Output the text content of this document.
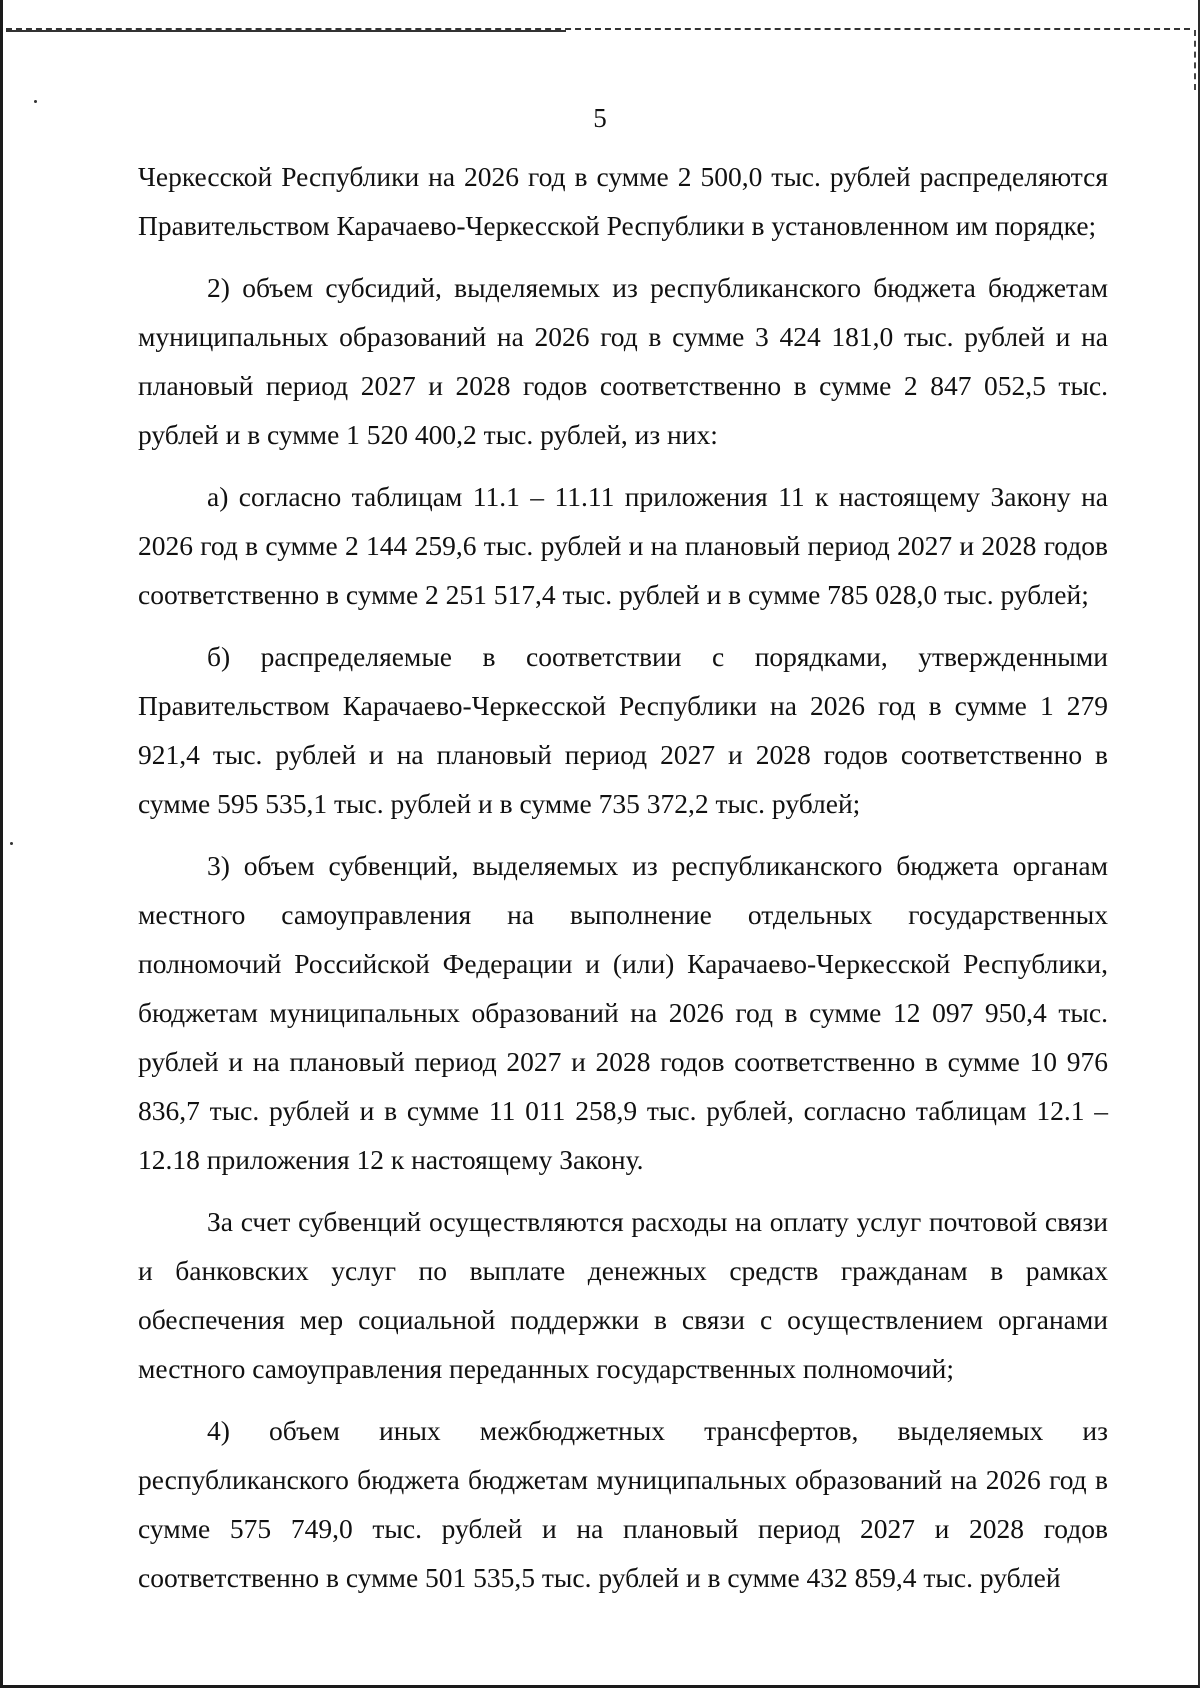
5

Черкесской Республики на 2026 год в сумме 2 500,0 тыс. рублей распределяются Правительством Карачаево-Черкесской Республики в установленном им порядке;

2) объем субсидий, выделяемых из республиканского бюджета бюджетам муниципальных образований на 2026 год в сумме 3 424 181,0 тыс. рублей и на плановый период 2027 и 2028 годов соответственно в сумме 2 847 052,5 тыс. рублей и в сумме 1 520 400,2 тыс. рублей, из них:

а) согласно таблицам 11.1 – 11.11 приложения 11 к настоящему Закону на 2026 год в сумме 2 144 259,6 тыс. рублей и на плановый период 2027 и 2028 годов соответственно в сумме 2 251 517,4 тыс. рублей и в сумме 785 028,0 тыс. рублей;

б) распределяемые в соответствии с порядками, утвержденными Правительством Карачаево-Черкесской Республики на 2026 год в сумме 1 279 921,4 тыс. рублей и на плановый период 2027 и 2028 годов соответственно в сумме 595 535,1 тыс. рублей и в сумме 735 372,2 тыс. рублей;

3) объем субвенций, выделяемых из республиканского бюджета органам местного самоуправления на выполнение отдельных государственных полномочий Российской Федерации и (или) Карачаево-Черкесской Республики, бюджетам муниципальных образований на 2026 год в сумме 12 097 950,4 тыс. рублей и на плановый период 2027 и 2028 годов соответственно в сумме 10 976 836,7 тыс. рублей и в сумме 11 011 258,9 тыс. рублей, согласно таблицам 12.1 – 12.18 приложения 12 к настоящему Закону.

За счет субвенций осуществляются расходы на оплату услуг почтовой связи и банковских услуг по выплате денежных средств гражданам в рамках обеспечения мер социальной поддержки в связи с осуществлением органами местного самоуправления переданных государственных полномочий;

4) объем иных межбюджетных трансфертов, выделяемых из республиканского бюджета бюджетам муниципальных образований на 2026 год в сумме 575 749,0 тыс. рублей и на плановый период 2027 и 2028 годов соответственно в сумме 501 535,5 тыс. рублей и в сумме 432 859,4 тыс. рублей
